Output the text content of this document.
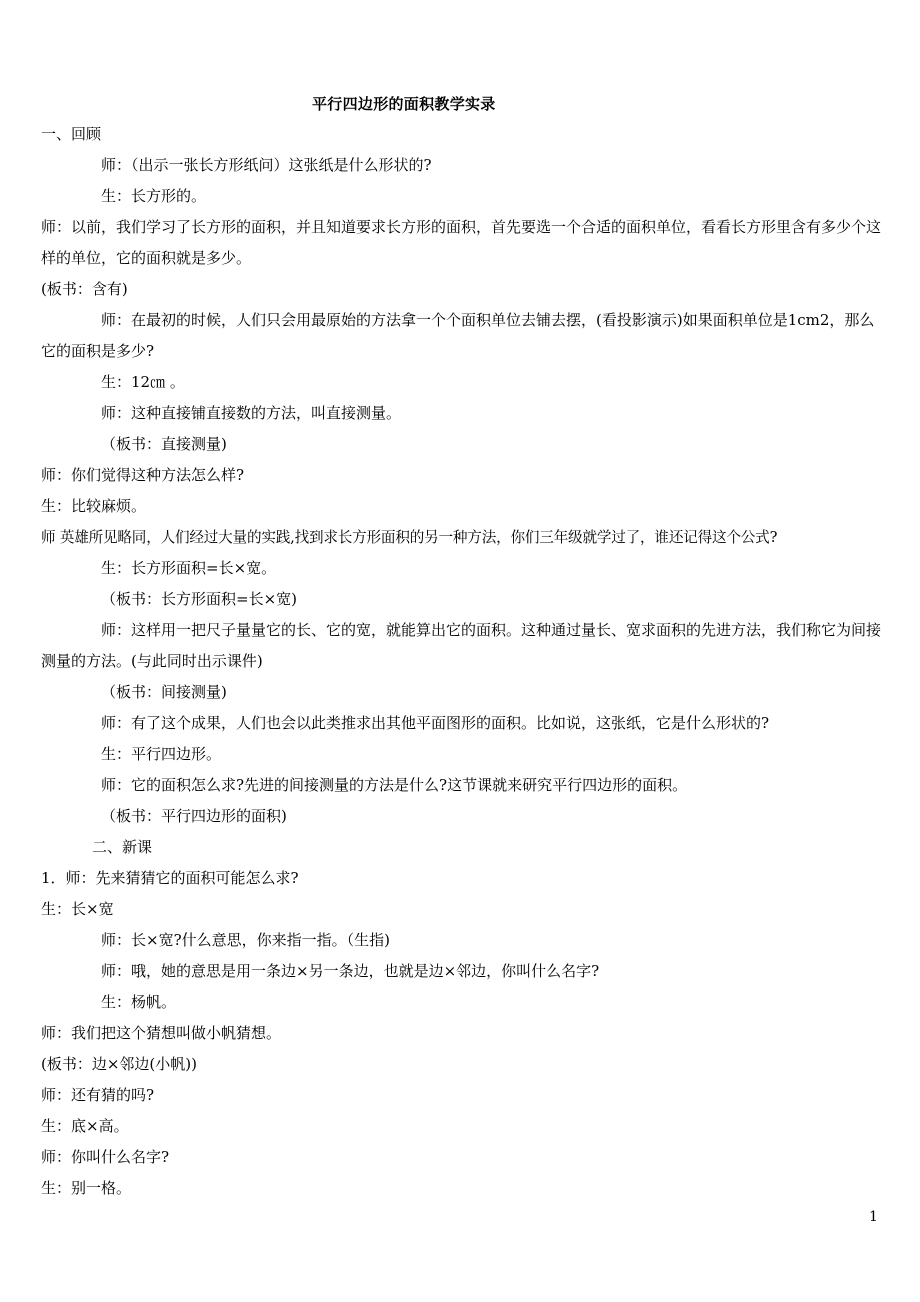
平行四边形的面积教学实录

一、回顾

师：（出示一张长方形纸问）这张纸是什么形状的?

生：长方形的。

师：以前，我们学习了长方形的面积，并且知道要求长方形的面积，首先要选一个合适的面积单位，看看长方形里含有多少个这样的单位，它的面积就是多少。

(板书：含有)

师：在最初的时候，人们只会用最原始的方法拿一个个面积单位去铺去摆，(看投影演示)如果面积单位是1cm2，那么它的面积是多少?

生：12㎝ 。

师：这种直接铺直接数的方法，叫直接测量。

（板书：直接测量)

师：你们觉得这种方法怎么样?

生：比较麻烦。

师 英雄所见略同，人们经过大量的实践,找到求长方形面积的另一种方法，你们三年级就学过了，谁还记得这个公式?

生：长方形面积=长×宽。

（板书：长方形面积=长×宽)

师：这样用一把尺子量量它的长、它的宽，就能算出它的面积。这种通过量长、宽求面积的先进方法，我们称它为间接测量的方法。(与此同时出示课件)

（板书：间接测量)

师：有了这个成果，人们也会以此类推求出其他平面图形的面积。比如说，这张纸，它是什么形状的?

生：平行四边形。

师：它的面积怎么求?先进的间接测量的方法是什么?这节课就来研究平行四边形的面积。

（板书：平行四边形的面积)

二、新课

1．师：先来猜猜它的面积可能怎么求?

生：长×宽

师：长×宽?什么意思，你来指一指。（生指)

师：哦，她的意思是用一条边×另一条边，也就是边×邻边，你叫什么名字?

生：杨帆。

师：我们把这个猜想叫做小帆猜想。

(板书：边×邻边(小帆))

师：还有猜的吗?

生：底×高。

师：你叫什么名字?

生：别一格。

1
